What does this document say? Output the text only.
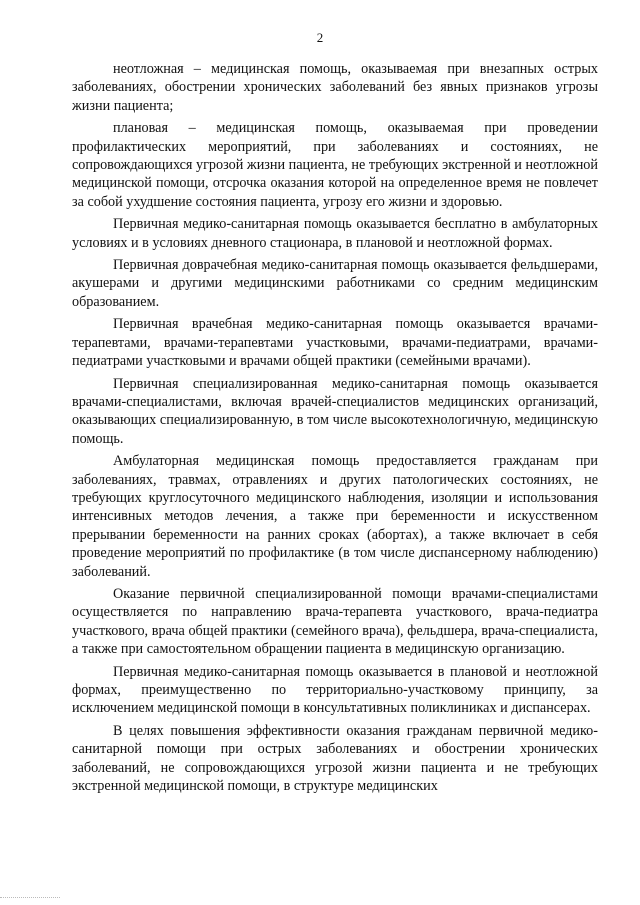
2

неотложная – медицинская помощь, оказываемая при внезапных острых заболеваниях, обострении хронических заболеваний без явных признаков угрозы жизни пациента;

плановая – медицинская помощь, оказываемая при проведении профилактических мероприятий, при заболеваниях и состояниях, не сопровождающихся угрозой жизни пациента, не требующих экстренной и неотложной медицинской помощи, отсрочка оказания которой на определенное время не повлечет за собой ухудшение состояния пациента, угрозу его жизни и здоровью.

Первичная медико-санитарная помощь оказывается бесплатно в амбулаторных условиях и в условиях дневного стационара, в плановой и неотложной формах.

Первичная доврачебная медико-санитарная помощь оказывается фельдшерами, акушерами и другими медицинскими работниками со средним медицинским образованием.

Первичная врачебная медико-санитарная помощь оказывается врачами-терапевтами, врачами-терапевтами участковыми, врачами-педиатрами, врачами-педиатрами участковыми и врачами общей практики (семейными врачами).

Первичная специализированная медико-санитарная помощь оказывается врачами-специалистами, включая врачей-специалистов медицинских организаций, оказывающих специализированную, в том числе высокотехнологичную, медицинскую помощь.

Амбулаторная медицинская помощь предоставляется гражданам при заболеваниях, травмах, отравлениях и других патологических состояниях, не требующих круглосуточного медицинского наблюдения, изоляции и использования интенсивных методов лечения, а также при беременности и искусственном прерывании беременности на ранних сроках (абортах), а также включает в себя проведение мероприятий по профилактике (в том числе диспансерному наблюдению) заболеваний.

Оказание первичной специализированной помощи врачами-специалистами осуществляется по направлению врача-терапевта участкового, врача-педиатра участкового, врача общей практики (семейного врача), фельдшера, врача-специалиста, а также при самостоятельном обращении пациента в медицинскую организацию.

Первичная медико-санитарная помощь оказывается в плановой и неотложной формах, преимущественно по территориально-участковому принципу, за исключением медицинской помощи в консультативных поликлиниках и диспансерах.

В целях повышения эффективности оказания гражданам первичной медико-санитарной помощи при острых заболеваниях и обострении хронических заболеваний, не сопровождающихся угрозой жизни пациента и не требующих экстренной медицинской помощи, в структуре медицинских
